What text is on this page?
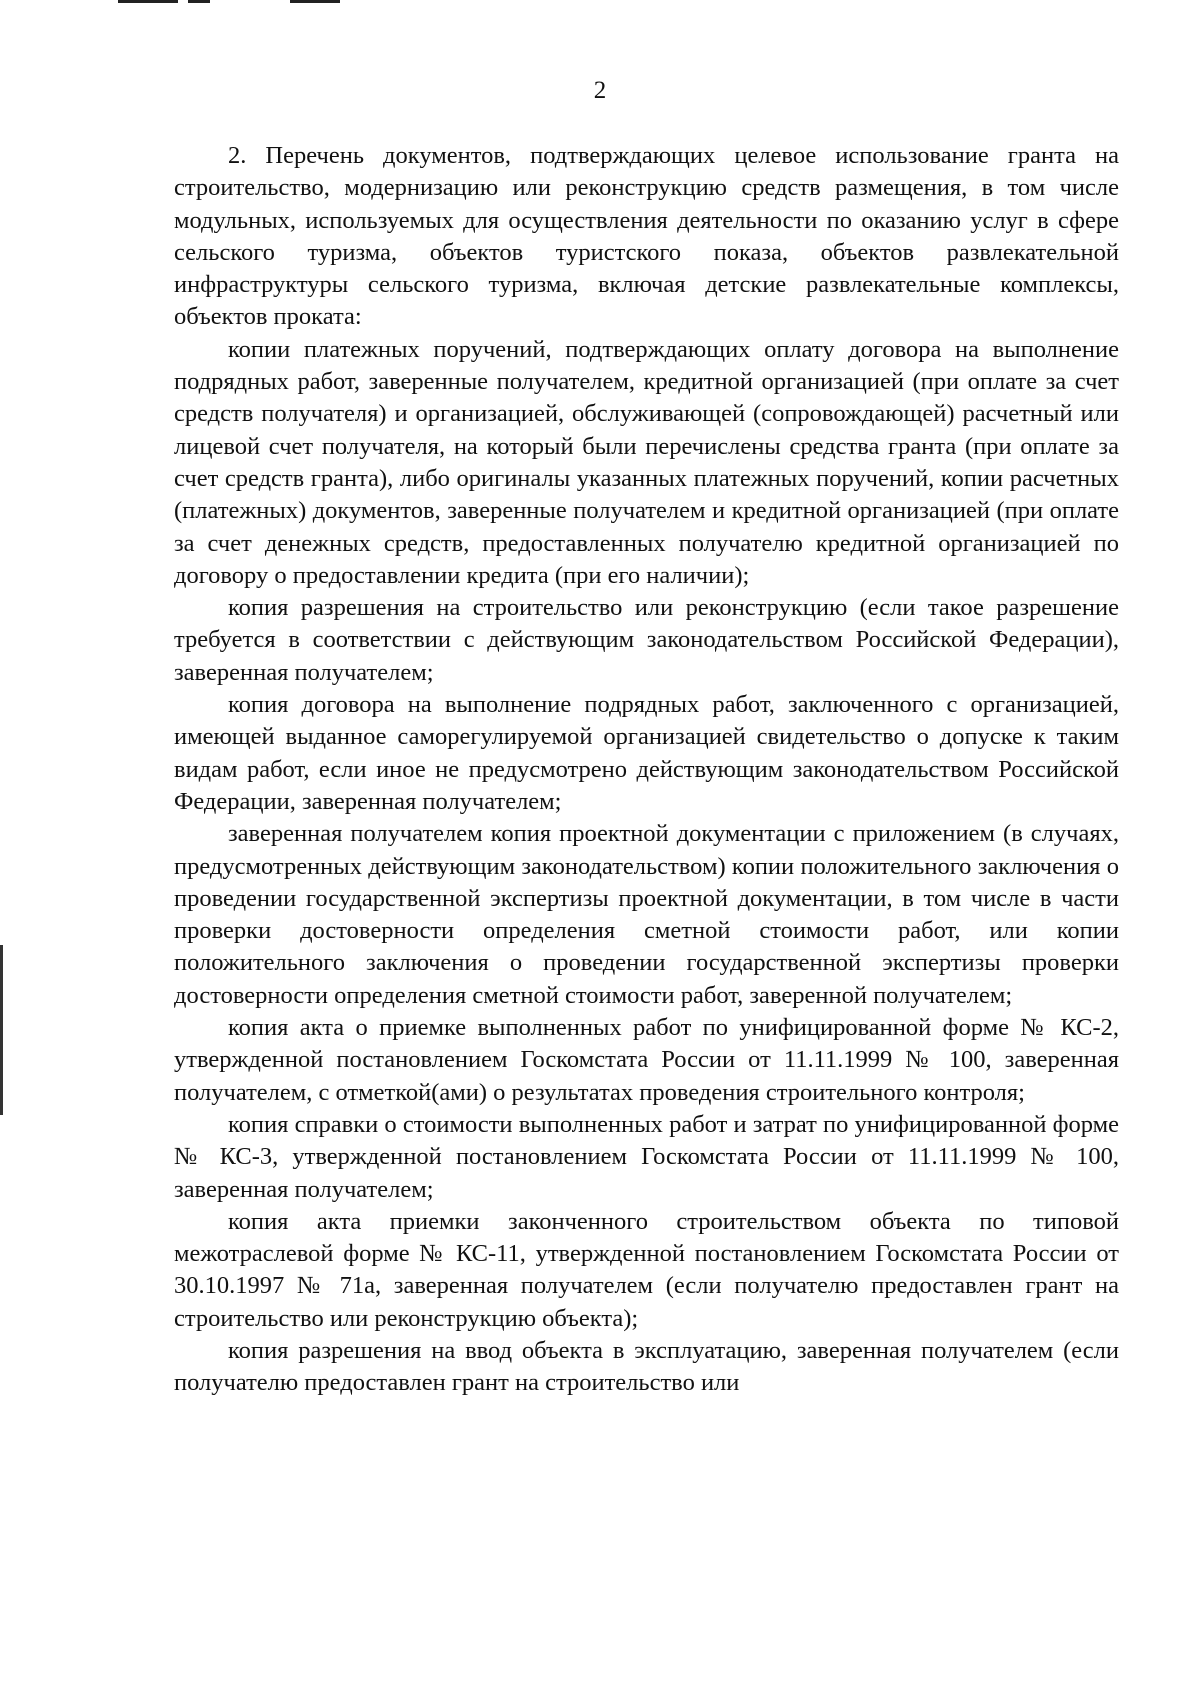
2

2. Перечень документов, подтверждающих целевое использование гранта на строительство, модернизацию или реконструкцию средств размещения, в том числе модульных, используемых для осуществления деятельности по оказанию услуг в сфере сельского туризма, объектов туристского показа, объектов развлекательной инфраструктуры сельского туризма, включая детские развлекательные комплексы, объектов проката:

копии платежных поручений, подтверждающих оплату договора на выполнение подрядных работ, заверенные получателем, кредитной организацией (при оплате за счет средств получателя) и организацией, обслуживающей (сопровождающей) расчетный или лицевой счет получателя, на который были перечислены средства гранта (при оплате за счет средств гранта), либо оригиналы указанных платежных поручений, копии расчетных (платежных) документов, заверенные получателем и кредитной организацией (при оплате за счет денежных средств, предоставленных получателю кредитной организацией по договору о предоставлении кредита (при его наличии);

копия разрешения на строительство или реконструкцию (если такое разрешение требуется в соответствии с действующим законодательством Российской Федерации), заверенная получателем;

копия договора на выполнение подрядных работ, заключенного с организацией, имеющей выданное саморегулируемой организацией свидетельство о допуске к таким видам работ, если иное не предусмотрено действующим законодательством Российской Федерации, заверенная получателем;

заверенная получателем копия проектной документации с приложением (в случаях, предусмотренных действующим законодательством) копии положительного заключения о проведении государственной экспертизы проектной документации, в том числе в части проверки достоверности определения сметной стоимости работ, или копии положительного заключения о проведении государственной экспертизы проверки достоверности определения сметной стоимости работ, заверенной получателем;

копия акта о приемке выполненных работ по унифицированной форме № КС-2, утвержденной постановлением Госкомстата России от 11.11.1999 № 100, заверенная получателем, с отметкой(ами) о результатах проведения строительного контроля;

копия справки о стоимости выполненных работ и затрат по унифицированной форме № КС-3, утвержденной постановлением Госкомстата России от 11.11.1999 № 100, заверенная получателем;

копия акта приемки законченного строительством объекта по типовой межотраслевой форме № КС-11, утвержденной постановлением Госкомстата России от 30.10.1997 № 71а, заверенная получателем (если получателю предоставлен грант на строительство или реконструкцию объекта);

копия разрешения на ввод объекта в эксплуатацию, заверенная получателем (если получателю предоставлен грант на строительство или
